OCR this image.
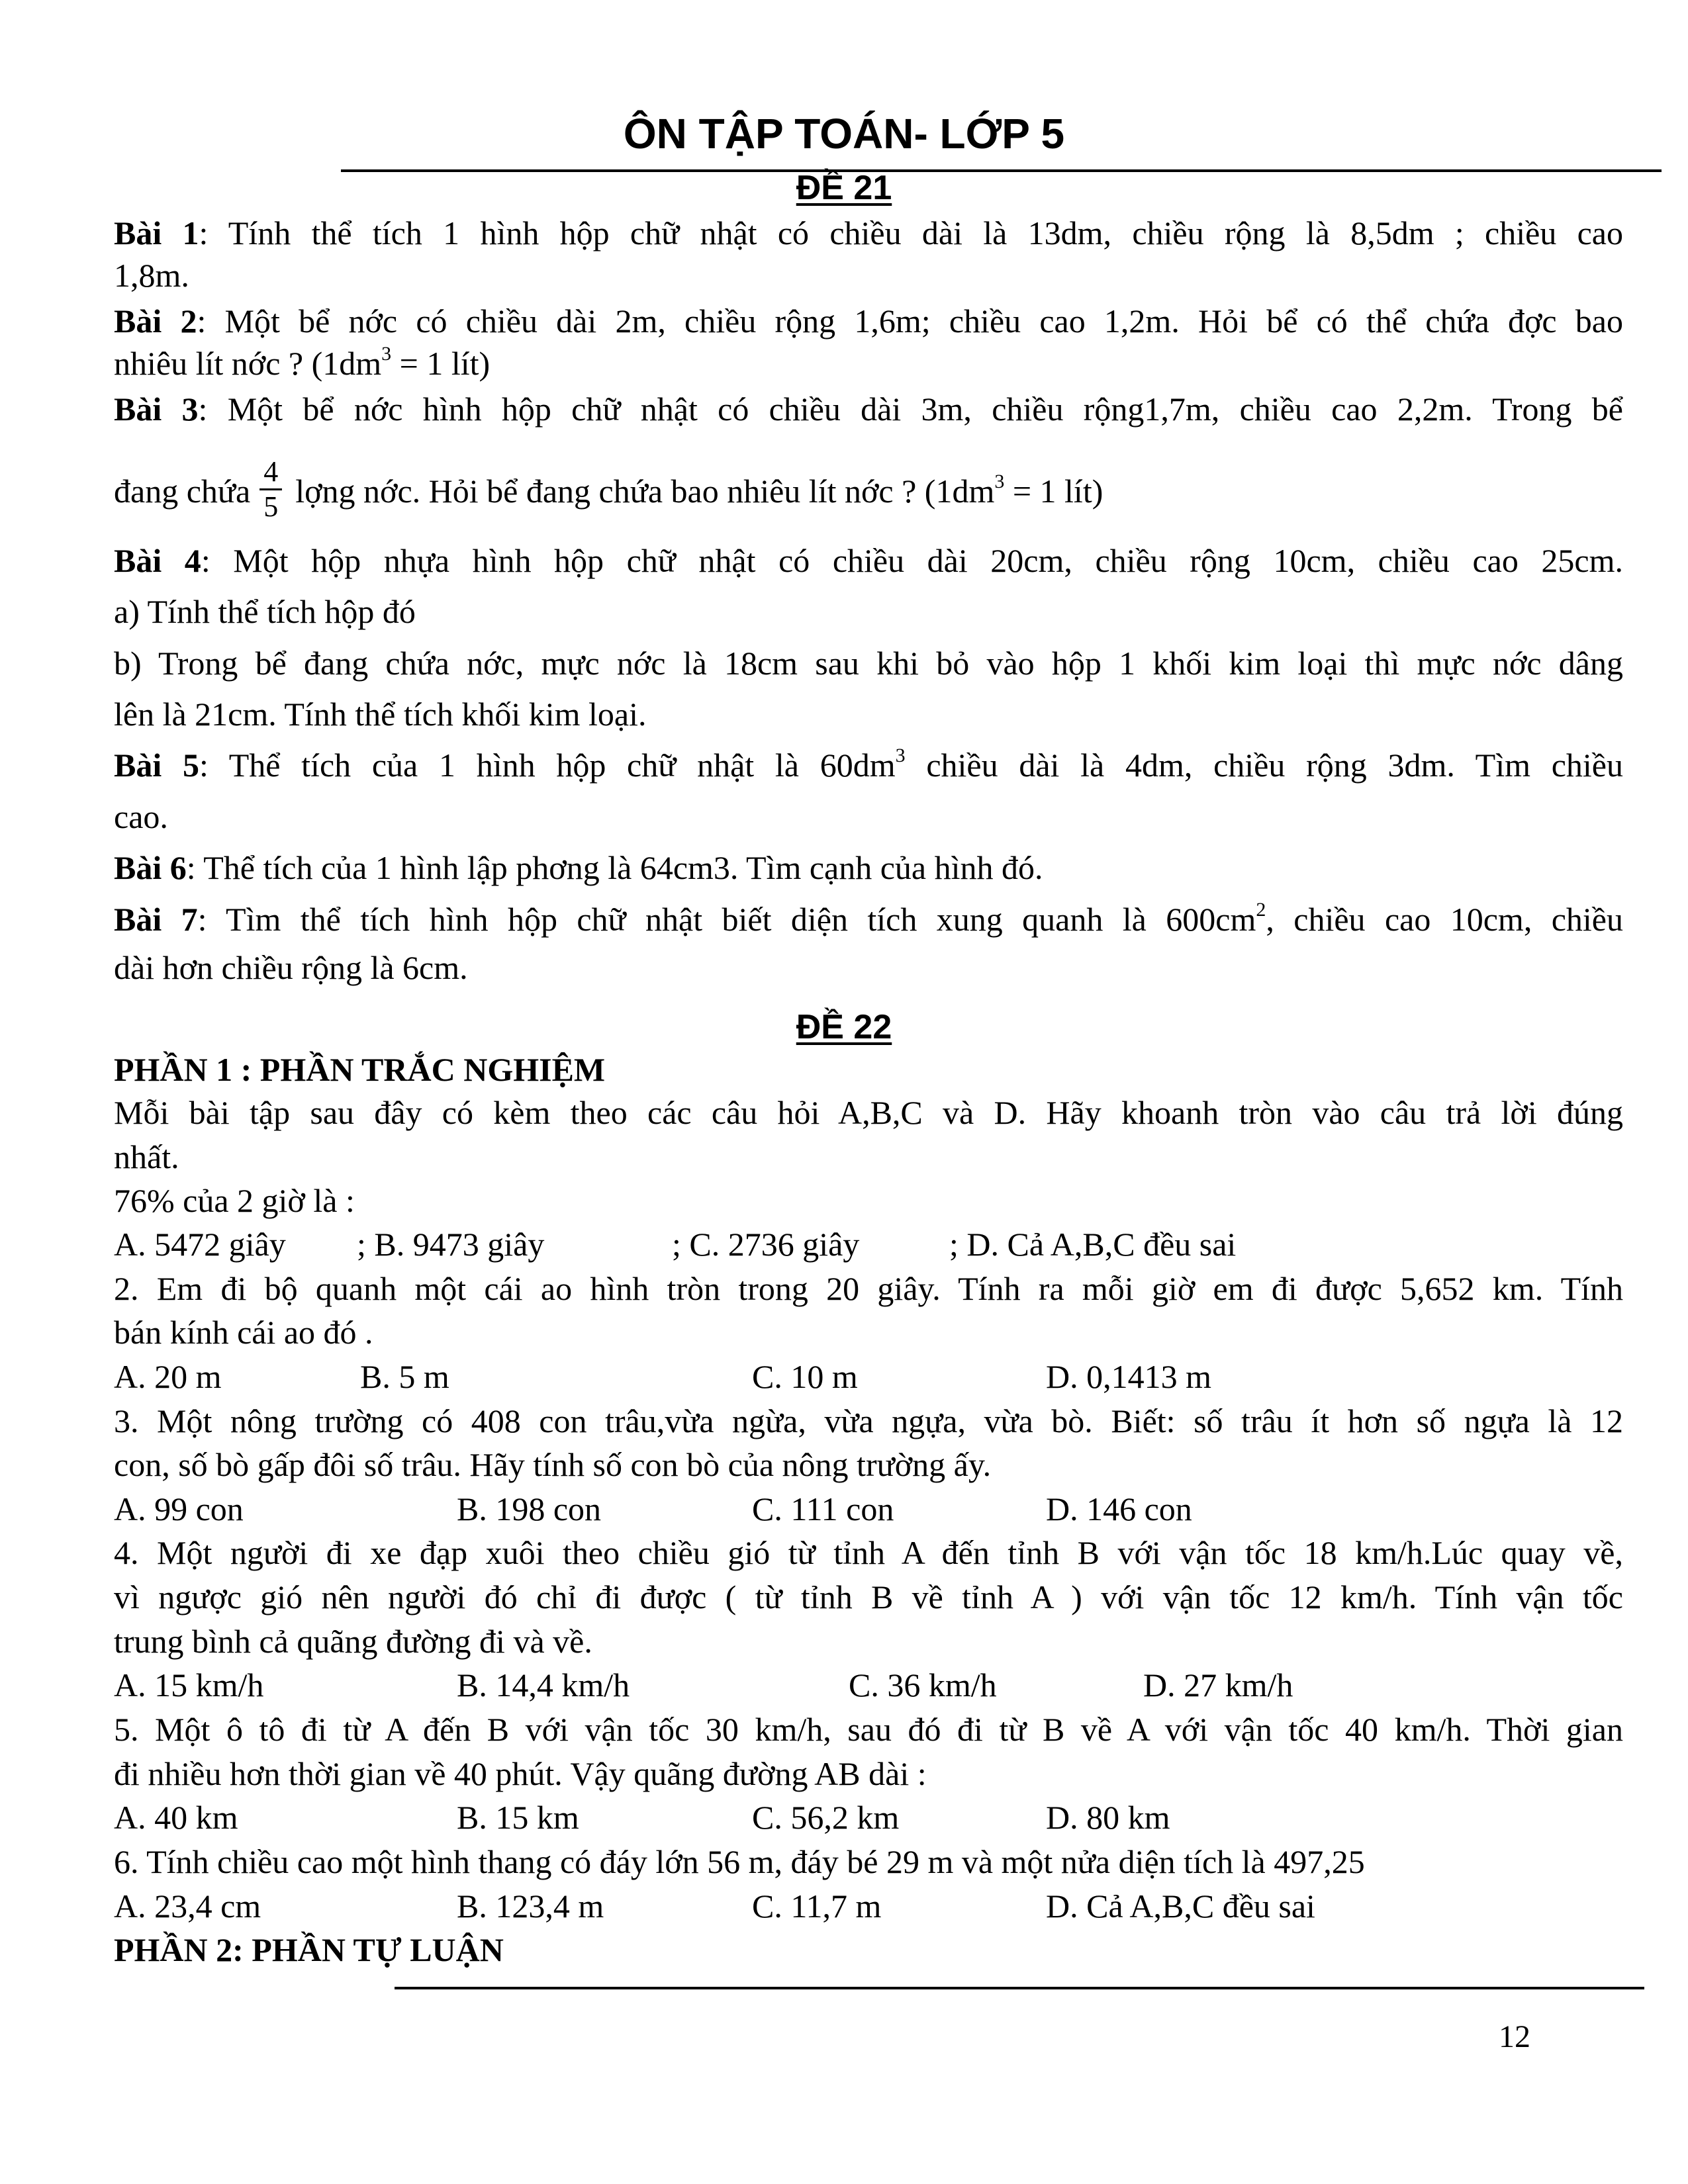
ÔN TẬP TOÁN- LỚP 5
ĐỀ 21
Bài 1: Tính thể tích 1 hình hộp chữ nhật có chiều dài là 13dm, chiều rộng là 8,5dm ; chiều cao
1,8m.
Bài 2: Một bể nớc có chiều dài 2m, chiều rộng 1,6m; chiều cao 1,2m. Hỏi bể có thể chứa đợc bao
nhiêu lít nớc ? ($1dm^3 = 1$ lít)
Bài 3: Một bể nớc hình hộp chữ nhật có chiều dài 3m, chiều rộng1,7m, chiều cao 2,2m. Trong bể
đang chứa $\frac{4}{5}$ lợng nớc. Hỏi bể đang chứa bao nhiêu lít nớc ? ($1dm^3 = 1$ lít)
Bài 4: Một hộp nhựa hình hộp chữ nhật có chiều dài 20cm, chiều rộng 10cm, chiều cao 25cm.
a) Tính thể tích hộp đó
b) Trong bể đang chứa nớc, mực nớc là 18cm sau khi bỏ vào hộp 1 khối kim loại thì mực nớc dâng
lên là 21cm. Tính thể tích khối kim loại.
Bài 5: Thể tích của 1 hình hộp chữ nhật là $60dm^3$ chiều dài là 4dm, chiều rộng 3dm. Tìm chiều
cao.
Bài 6: Thể tích của 1 hình lập phơng là 64cm3. Tìm cạnh của hình đó.
Bài 7: Tìm thể tích hình hộp chữ nhật biết diện tích xung quanh là $600cm^2$, chiều cao 10cm, chiều
dài hơn chiều rộng là 6cm.
ĐỀ 22
PHẦN 1 : PHẦN TRẮC NGHIỆM
Mỗi bài tập sau đây có kèm theo các câu hỏi A,B,C và D. Hãy khoanh tròn vào câu trả lời đúng
nhất.
76% của 2 giờ là :
A. 5472 giây ; B. 9473 giây	; C. 2736 giây	; D. Cả A,B,C đều sai
2. Em đi bộ quanh một cái ao hình tròn trong 20 giây. Tính ra mỗi giờ em đi được 5,652 km. Tính
bán kính cái ao đó .
A. 20 m	B. 5 m	C. 10 m	D. 0,1413 m
3. Một nông trường có 408 con trâu,vừa ngừa, vừa ngựa, vừa bò. Biết: số trâu ít hơn số ngựa là 12
con, số bò gấp đôi số trâu. Hãy tính số con bò của nông trường ấy.
A. 99 con	B. 198 con	C. 111 con	D. 146 con
4. Một người đi xe đạp xuôi theo chiều gió từ tỉnh A đến tỉnh B với vận tốc 18 km/h.Lúc quay về,
vì ngược gió nên người đó chỉ đi được ( từ tỉnh B về tỉnh A ) với vận tốc 12 km/h. Tính vận tốc
trung bình cả quãng đường đi và về.
A. 15 km/h	B. 14,4 km/h	C. 36 km/h	D. 27 km/h
5. Một ô tô đi từ A đến B với vận tốc 30 km/h, sau đó đi từ B về A với vận tốc 40 km/h. Thời gian
đi nhiều hơn thời gian về 40 phút. Vậy quãng đường AB dài :
A. 40 km	B. 15 km	C. 56,2 km	D. 80 km
6. Tính chiều cao một hình thang có đáy lớn 56 m, đáy bé 29 m và một nửa diện tích là 497,25
A. 23,4 cm	B. 123,4 m	C. 11,7 m	D. Cả A,B,C đều sai
PHẦN 2: PHẦN TỰ LUẬN
12
